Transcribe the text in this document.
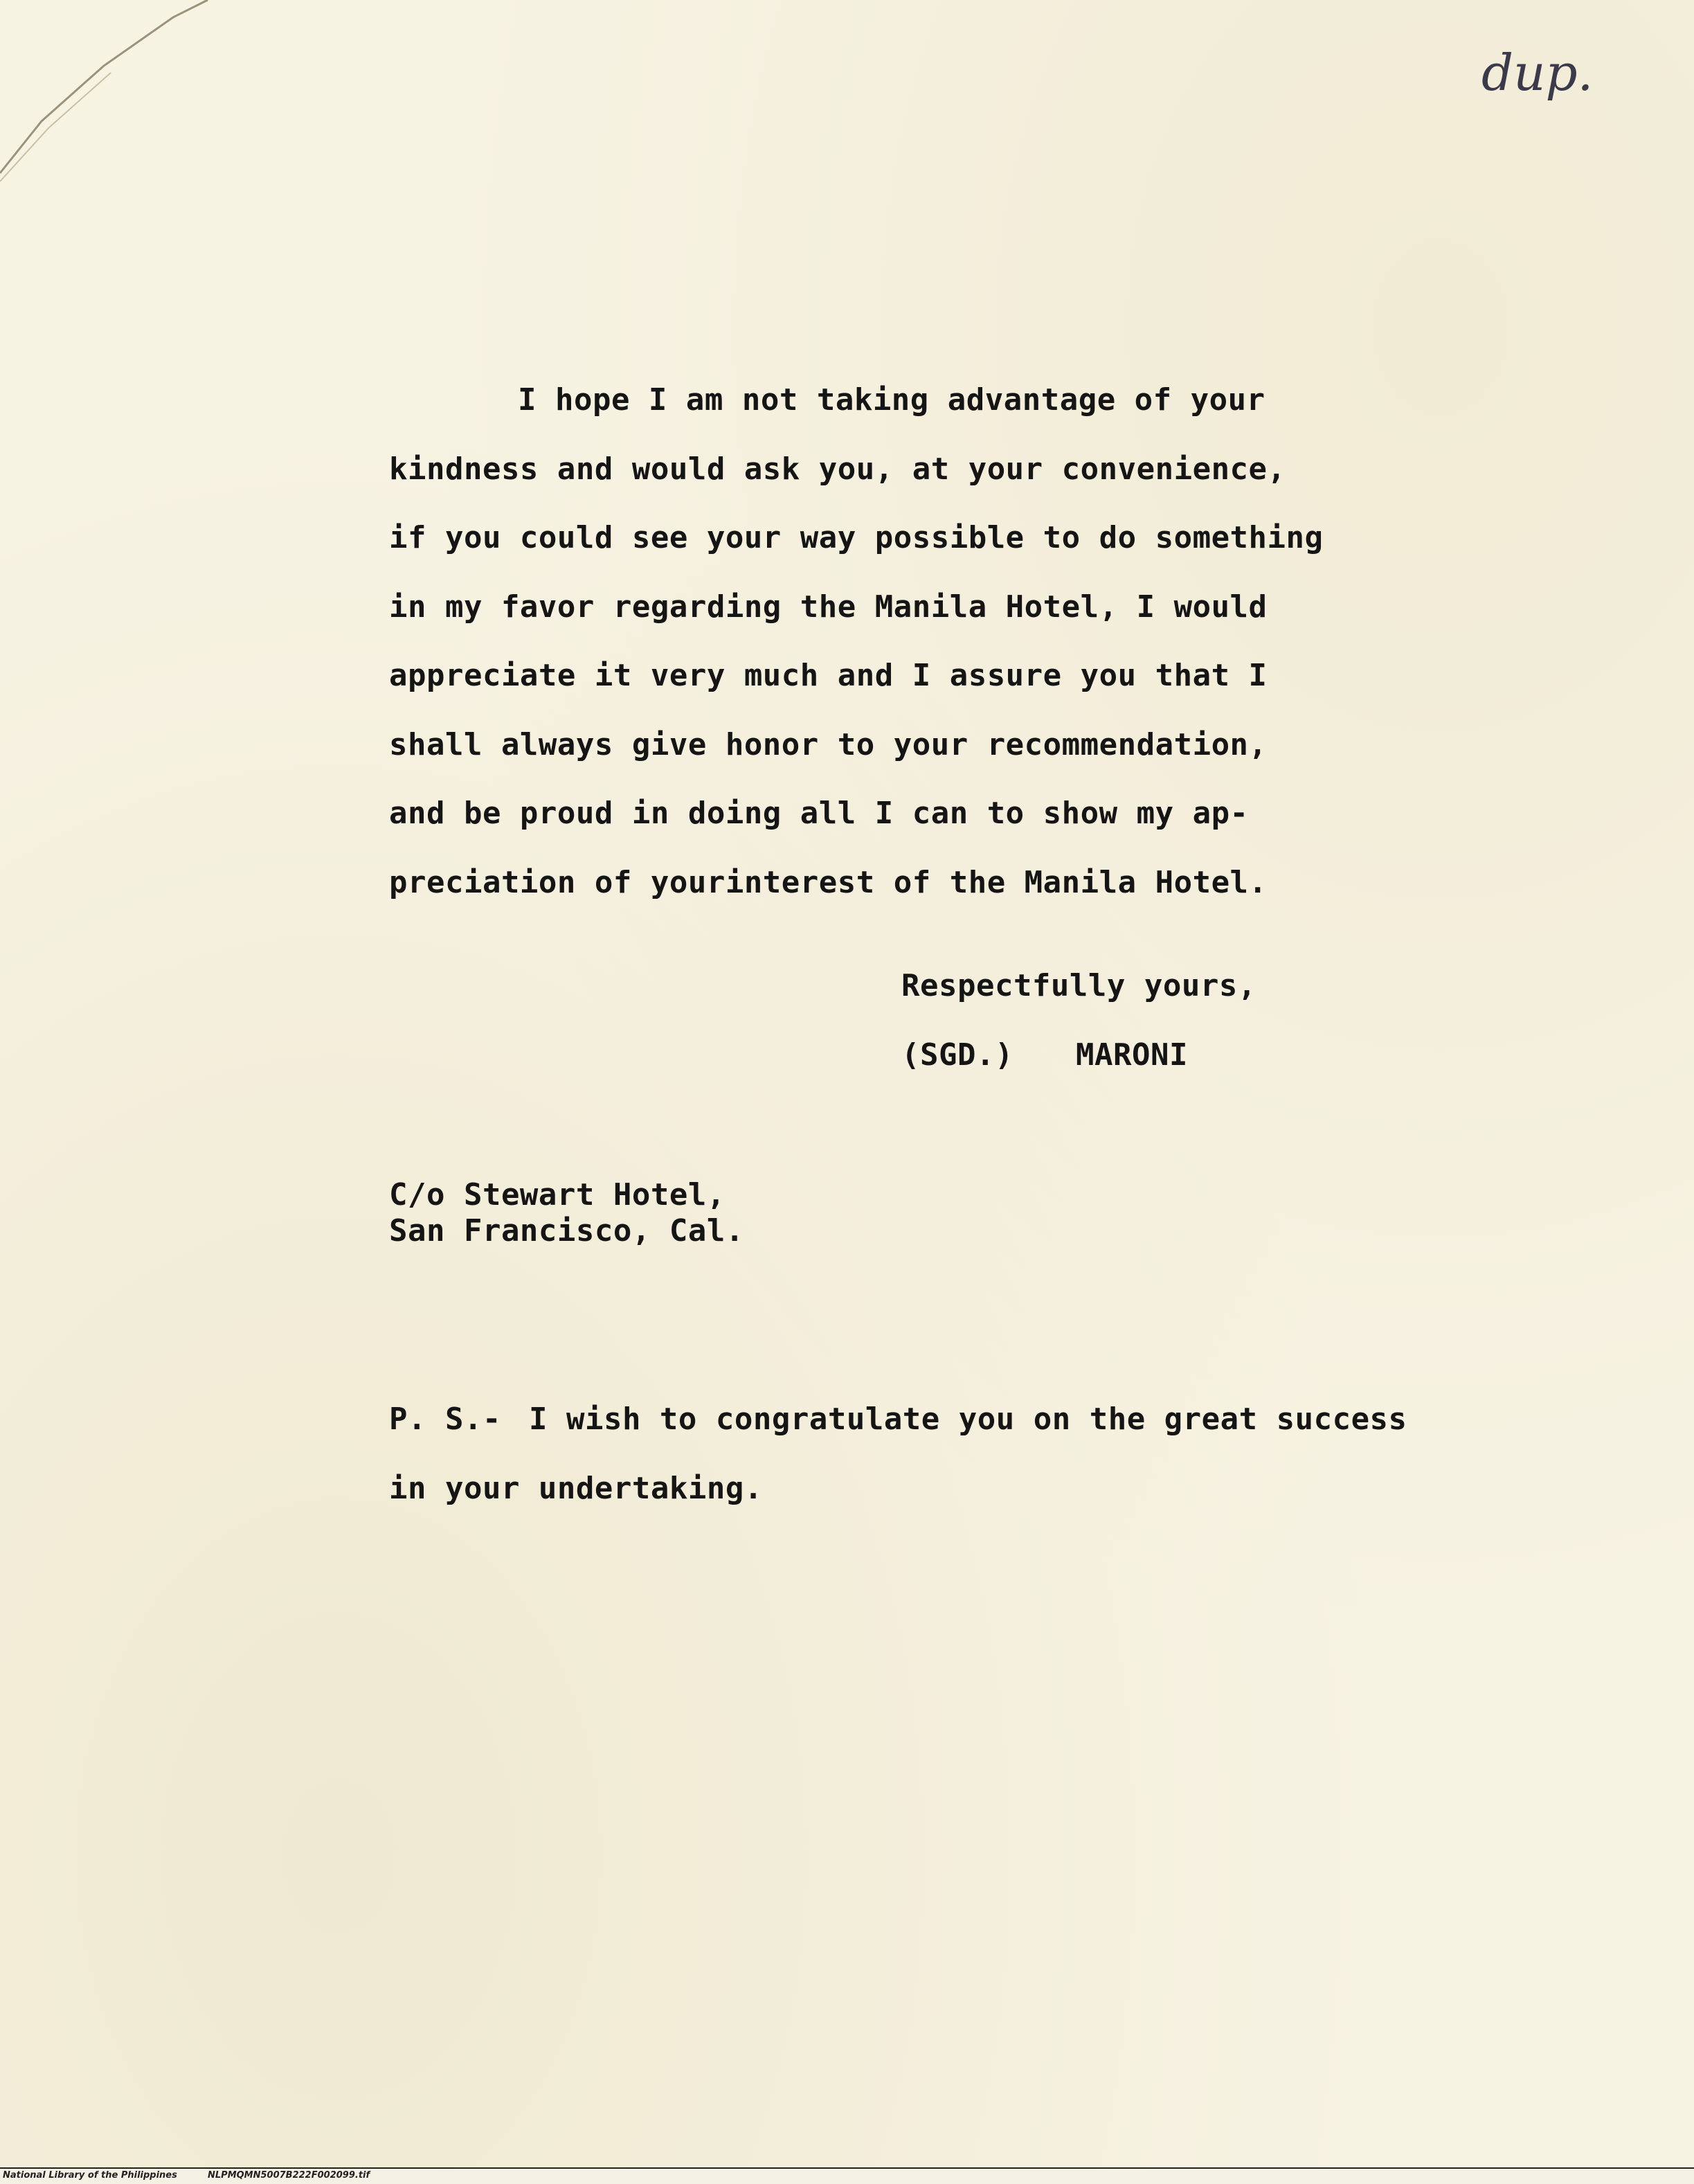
dup.
I hope I am not taking advantage of your
kindness and would ask you, at your convenience,
if you could see your way possible to do something
in my favor regarding the Manila Hotel, I would
appreciate it very much and I assure you that I
shall always give honor to your recommendation,
and be proud in doing all I can to show my ap-
preciation of yourinterest of the Manila Hotel.
Respectfully yours,
(SGD.) MARONI
C/o Stewart Hotel,
San Francisco, Cal.
P. S.- I wish to congratulate you on the great success
in your undertaking.
National Library of the Philippines	NLPMQMN5007B222F002099.tif
